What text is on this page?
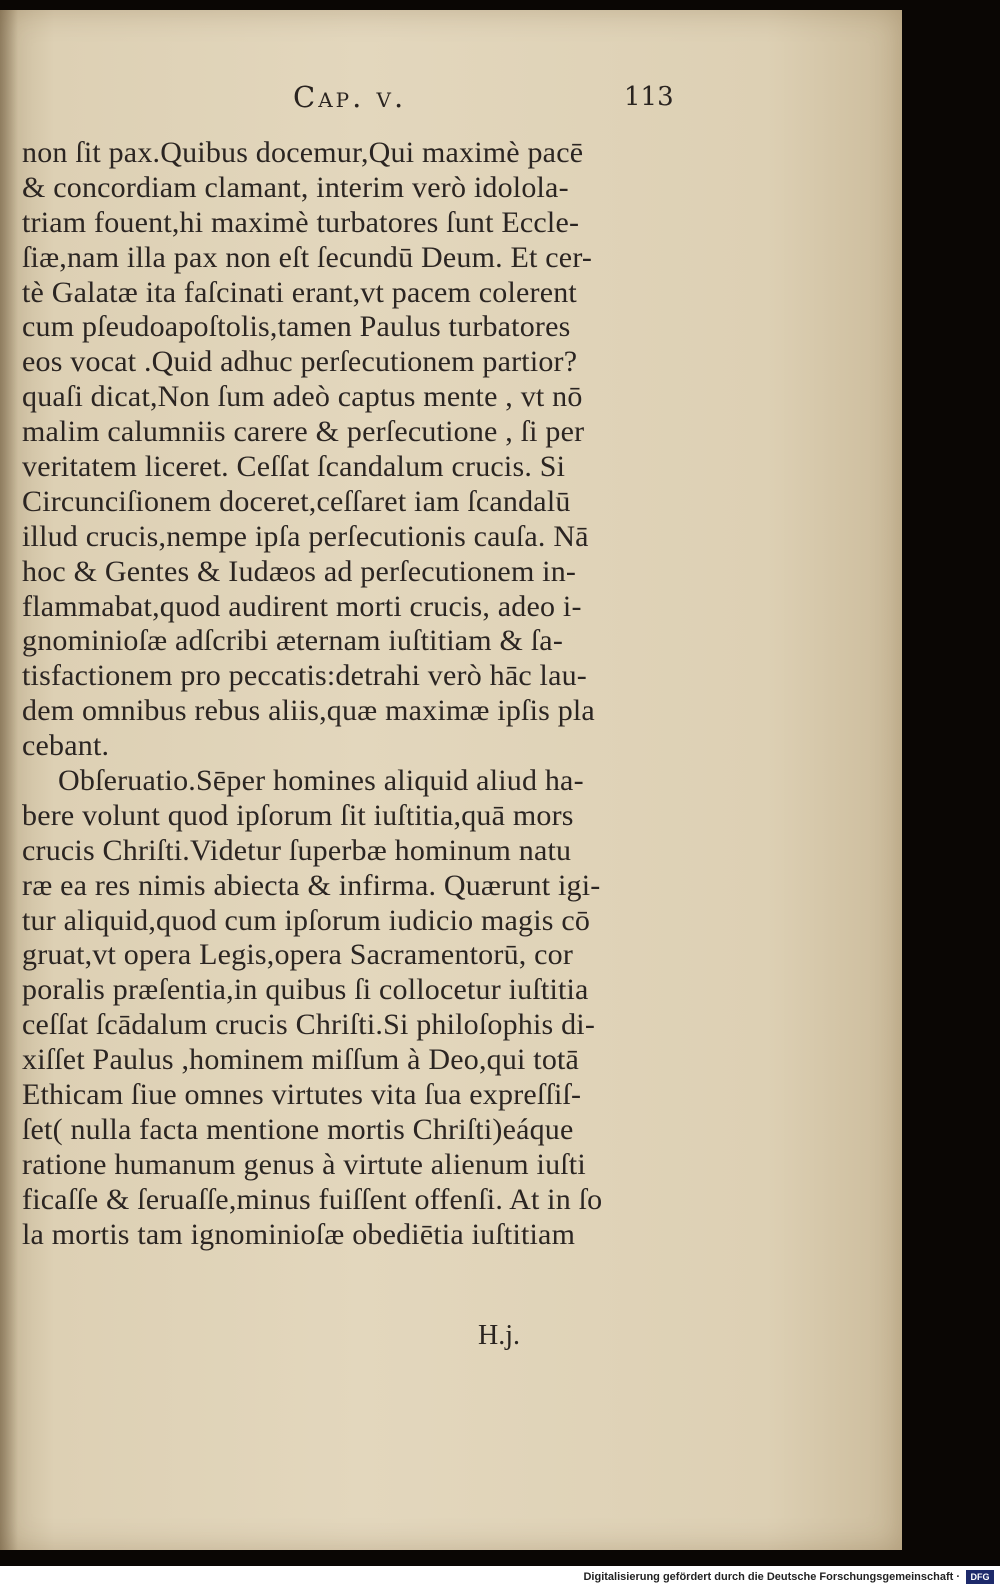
Cap. v.	113
non ſit pax.Quibus docemur,Qui maximè pacē
& concordiam clamant, interim verò idolola-
triam fouent,hi maximè turbatores ſunt Eccle-
ſiæ,nam illa pax non eſt ſecundū Deum. Et cer-
tè Galatæ ita faſcinati erant,vt pacem colerent
cum pſeudoapoſtolis,tamen Paulus turbatores
eos vocat .Quid adhuc perſecutionem partior?
quaſi dicat,Non ſum adeò captus mente , vt nō
malim calumniis carere & perſecutione , ſi per
veritatem liceret. Ceſſat ſcandalum crucis. Si
Circunciſionem doceret,ceſſaret iam ſcandalū
illud crucis,nempe ipſa perſecutionis cauſa. Nā
hoc & Gentes & Iudæos ad perſecutionem in-
flammabat,quod audirent morti crucis, adeo i-
gnominioſæ adſcribi æternam iuſtitiam & ſa-
tisfactionem pro peccatis:detrahi verò hāc lau-
dem omnibus rebus aliis,quæ maximæ ipſis pla
cebant.
Obſeruatio.Sēper homines aliquid aliud ha-
bere volunt quod ipſorum ſit iuſtitia,quā mors
crucis Chriſti.Videtur ſuperbæ hominum natu
ræ ea res nimis abiecta & infirma. Quærunt igi-
tur aliquid,quod cum ipſorum iudicio magis cō
gruat,vt opera Legis,opera Sacramentorū, cor
poralis præſentia,in quibus ſi collocetur iuſtitia
ceſſat ſcādalum crucis Chriſti.Si philoſophis di-
xiſſet Paulus ,hominem miſſum à Deo,qui totā
Ethicam ſiue omnes virtutes vita ſua expreſſiſ-
ſet( nulla facta mentione mortis Chriſti)eáque
ratione humanum genus à virtute alienum iuſti
ficaſſe & ſeruaſſe,minus fuiſſent offenſi. At in ſo
la mortis tam ignominioſæ obediētia iuſtitiam
H.j.
Digitalisierung gefördert durch die Deutsche Forschungsgemeinschaft ·	DFG
